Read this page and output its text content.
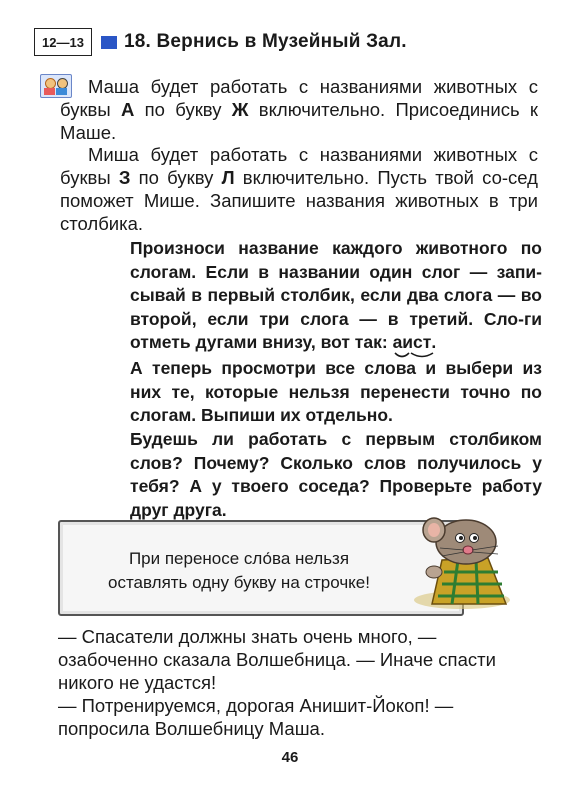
12—13	18. Вернись в Музейный Зал.

Маша будет работать с названиями животных с буквы А по букву Ж включительно. Присоединись к Маше.

Миша будет работать с названиями животных с буквы З по букву Л включительно. Пусть твой со-сед поможет Мише. Запишите названия животных в три столбика.

Произноси название каждого животного по слогам. Если в названии один слог — запи-сывай в первый столбик, если два слога — во второй, если три слога — в третий. Сло-ги отметь дугами внизу, вот так: аист
.

А теперь просмотри все слова и выбери из них те, которые нельзя перенести точно по слогам. Выпиши их отдельно.

Будешь ли работать с первым столбиком слов? Почему? Сколько слов получилось у тебя? А у твоего соседа? Проверьте работу друг друга.

При переносе сло́ва нельзя
оставлять одну букву на строчке!

— Спасатели должны знать очень много, — озабоченно сказала Волшебница. — Иначе спасти никого не удастся!

— Потренируемся, дорогая Анишит-Йокоп! — попросила Волшебницу Маша.

46
